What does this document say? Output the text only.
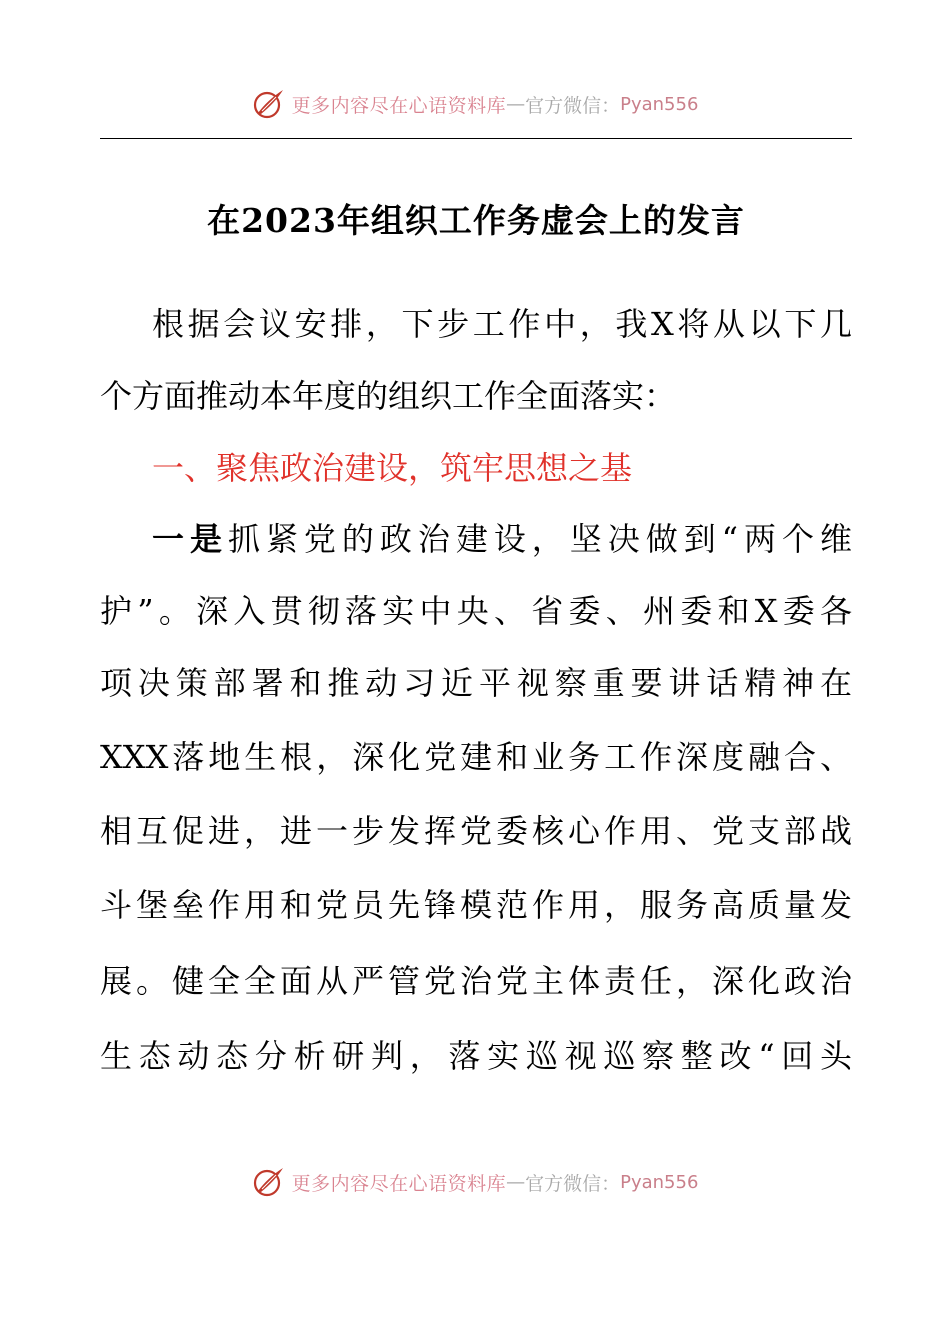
更多内容尽在心语资料库 — 官方微信： Pyan556
在2023年组织工作务虚会上的发言
根据会议安排，下步工作中，我X将从以下几
个方面推动本年度的组织工作全面落实：
一、聚焦政治建设，筑牢思想之基
一是抓紧党的政治建设，坚决做到“两个维
护”。深入贯彻落实中央、省委、州委和X委各
项决策部署和推动习近平视察重要讲话精神在
XXX落地生根，深化党建和业务工作深度融合、
相互促进，进一步发挥党委核心作用、党支部战
斗堡垒作用和党员先锋模范作用，服务高质量发
展。健全全面从严管党治党主体责任，深化政治
生态动态分析研判，落实巡视巡察整改“回头
更多内容尽在心语资料库 — 官方微信： Pyan556
